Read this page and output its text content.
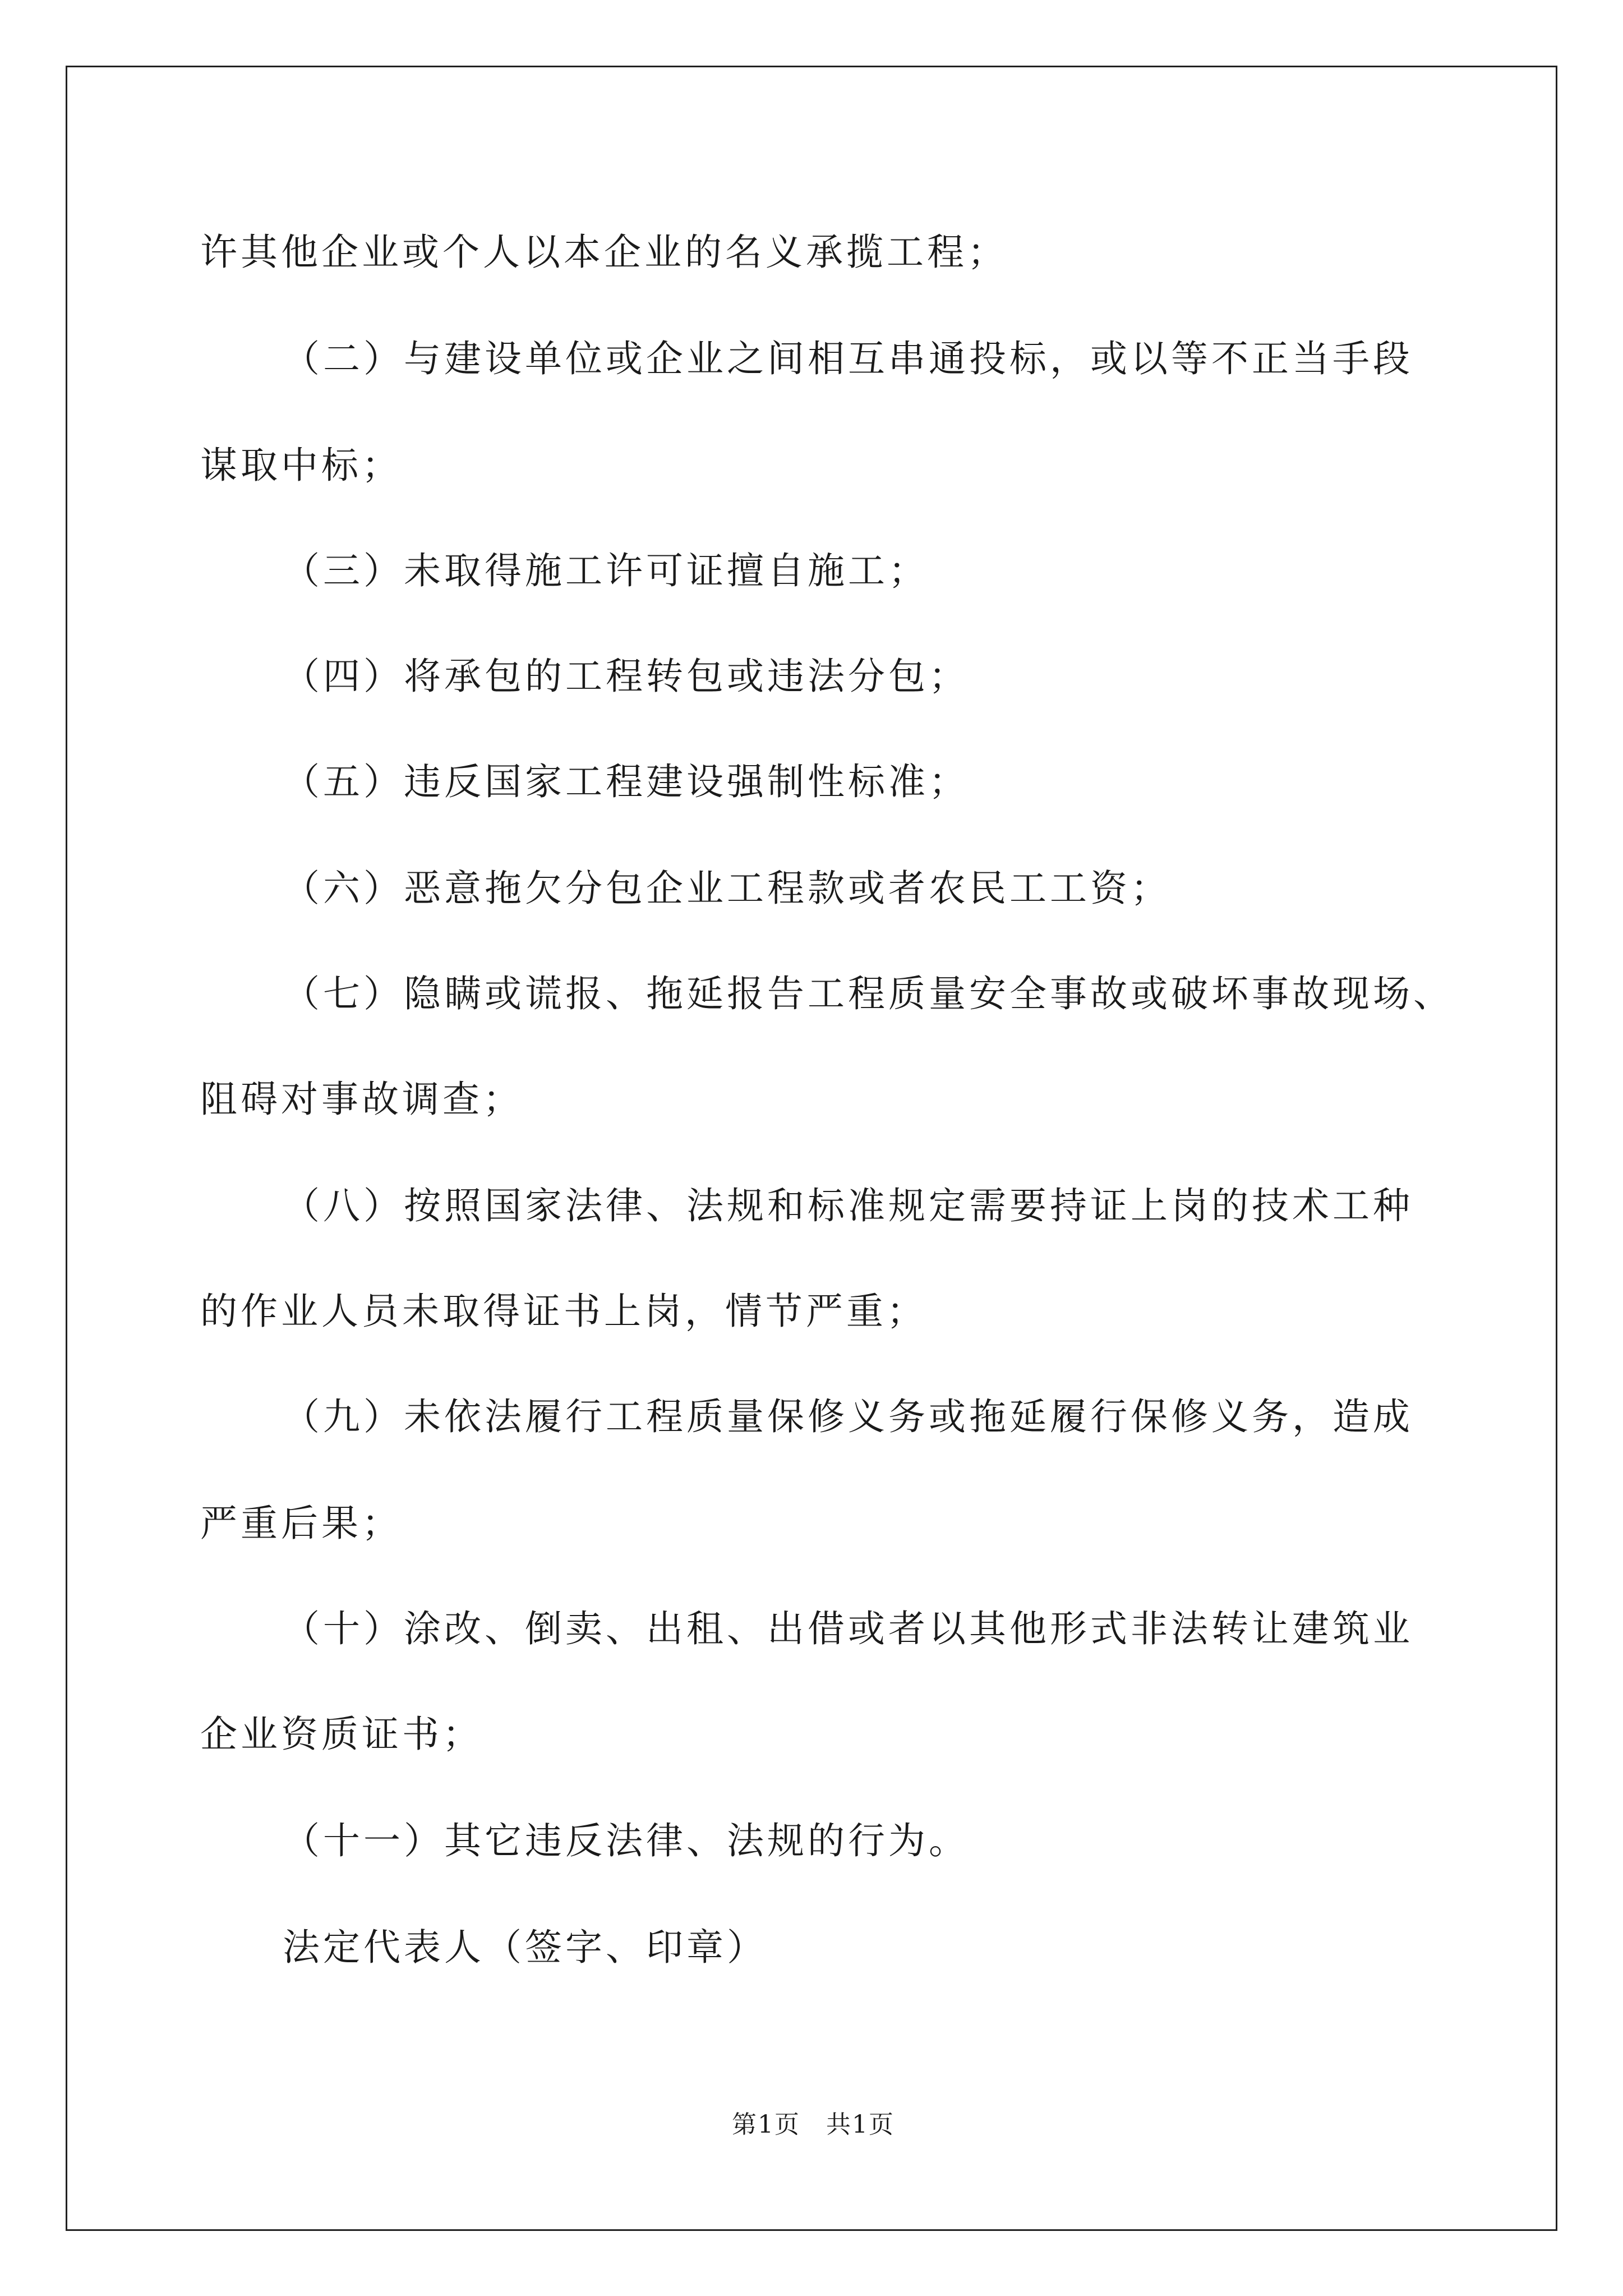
许其他企业或个人以本企业的名义承揽工程；
（二）与建设单位或企业之间相互串通投标，或以等不正当手段
谋取中标；
（三）未取得施工许可证擅自施工；
（四）将承包的工程转包或违法分包；
（五）违反国家工程建设强制性标准；
（六）恶意拖欠分包企业工程款或者农民工工资；
（七）隐瞒或谎报、拖延报告工程质量安全事故或破坏事故现场、
阻碍对事故调查；
（八）按照国家法律、法规和标准规定需要持证上岗的技术工种
的作业人员未取得证书上岗，情节严重；
（九）未依法履行工程质量保修义务或拖延履行保修义务，造成
严重后果；
（十）涂改、倒卖、出租、出借或者以其他形式非法转让建筑业
企业资质证书；
（十一）其它违反法律、法规的行为。
法定代表人（签字、印章）
第1页　共1页
